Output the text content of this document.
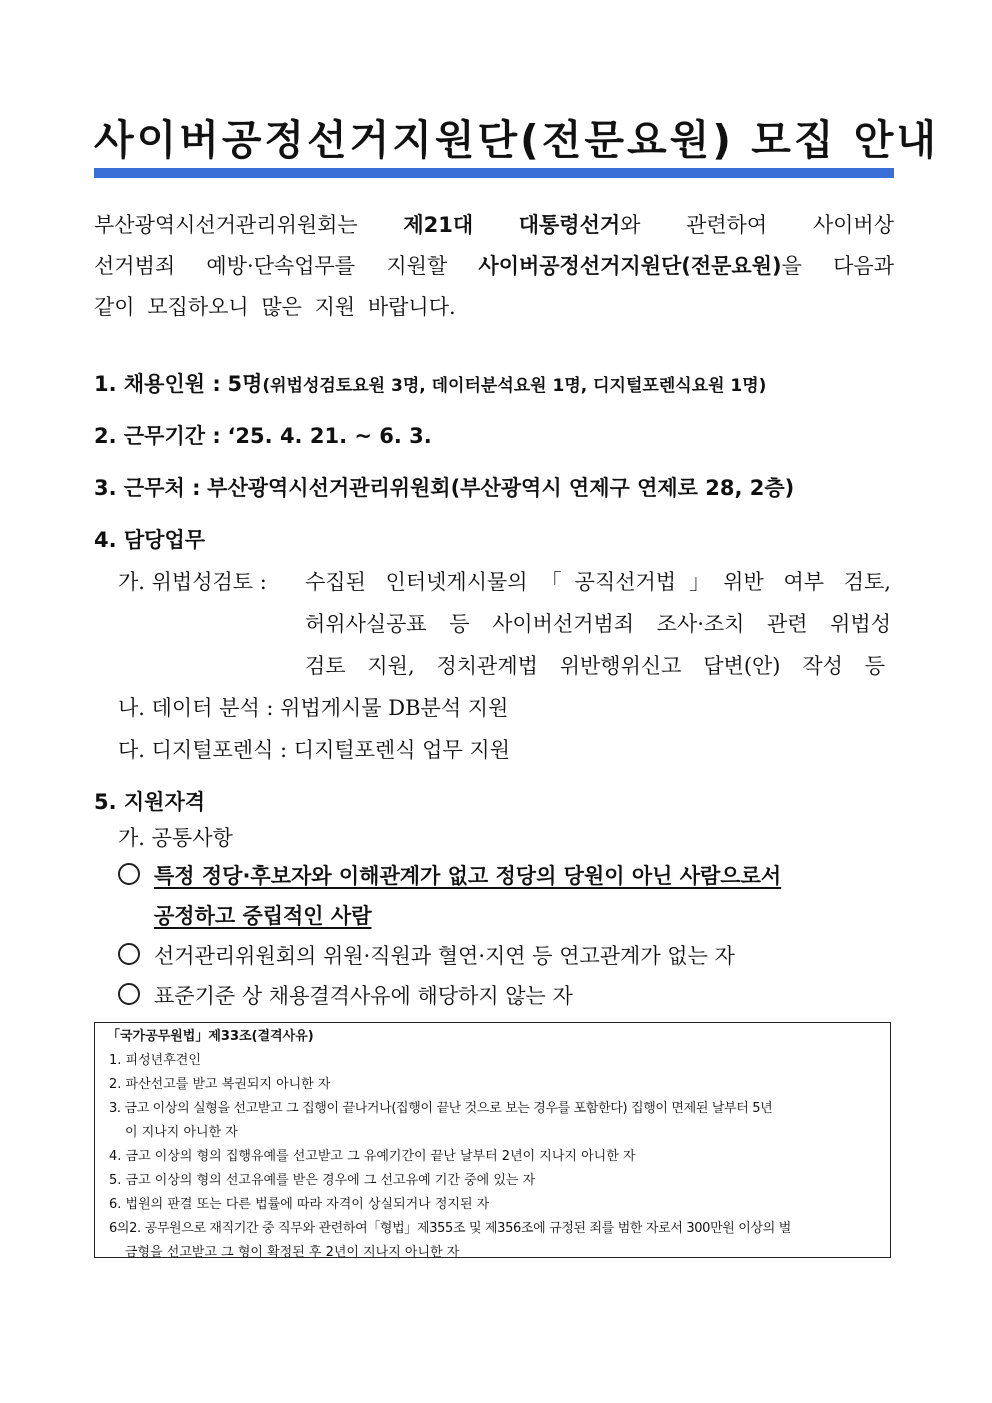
사이버공정선거지원단(전문요원) 모집 안내
부산광역시선거관리위원회는 제21대 대통령선거와 관련하여 사이버상
선거범죄 예방·단속업무를 지원할 사이버공정선거지원단(전문요원)을 다음과
같이 모집하오니 많은 지원 바랍니다.
1. 채용인원 : 5명(위법성검토요원 3명, 데이터분석요원 1명, 디지털포렌식요원 1명)
2. 근무기간 : ‘25. 4. 21. ~ 6. 3.
3. 근무처 : 부산광역시선거관리위원회(부산광역시 연제구 연제로 28, 2층)
4. 담당업무
가. 위법성검토 : 수집된 인터넷게시물의「공직선거법」위반 여부 검토,
허위사실공표 등 사이버선거범죄 조사·조치 관련 위법성
검토 지원, 정치관계법 위반행위신고 답변(안) 작성 등
나. 데이터 분석 : 위법게시물 DB분석 지원
다. 디지털포렌식 : 디지털포렌식 업무 지원
5. 지원자격
가. 공통사항
특정 정당·후보자와 이해관계가 없고 정당의 당원이 아닌 사람으로서
공정하고 중립적인 사람
선거관리위원회의 위원·직원과 혈연·지연 등 연고관계가 없는 자
표준기준 상 채용결격사유에 해당하지 않는 자
「국가공무원법」제33조(결격사유)
1. 피성년후견인
2. 파산선고를 받고 복권되지 아니한 자
3. 금고 이상의 실형을 선고받고 그 집행이 끝나거나(집행이 끝난 것으로 보는 경우를 포함한다) 집행이 면제된 날부터 5년
이 지나지 아니한 자
4. 금고 이상의 형의 집행유예를 선고받고 그 유예기간이 끝난 날부터 2년이 지나지 아니한 자
5. 금고 이상의 형의 선고유예를 받은 경우에 그 선고유예 기간 중에 있는 자
6. 법원의 판결 또는 다른 법률에 따라 자격이 상실되거나 정지된 자
6의2. 공무원으로 재직기간 중 직무와 관련하여「형법」제355조 및 제356조에 규정된 죄를 범한 자로서 300만원 이상의 벌
금형을 선고받고 그 형이 확정된 후 2년이 지나지 아니한 자
